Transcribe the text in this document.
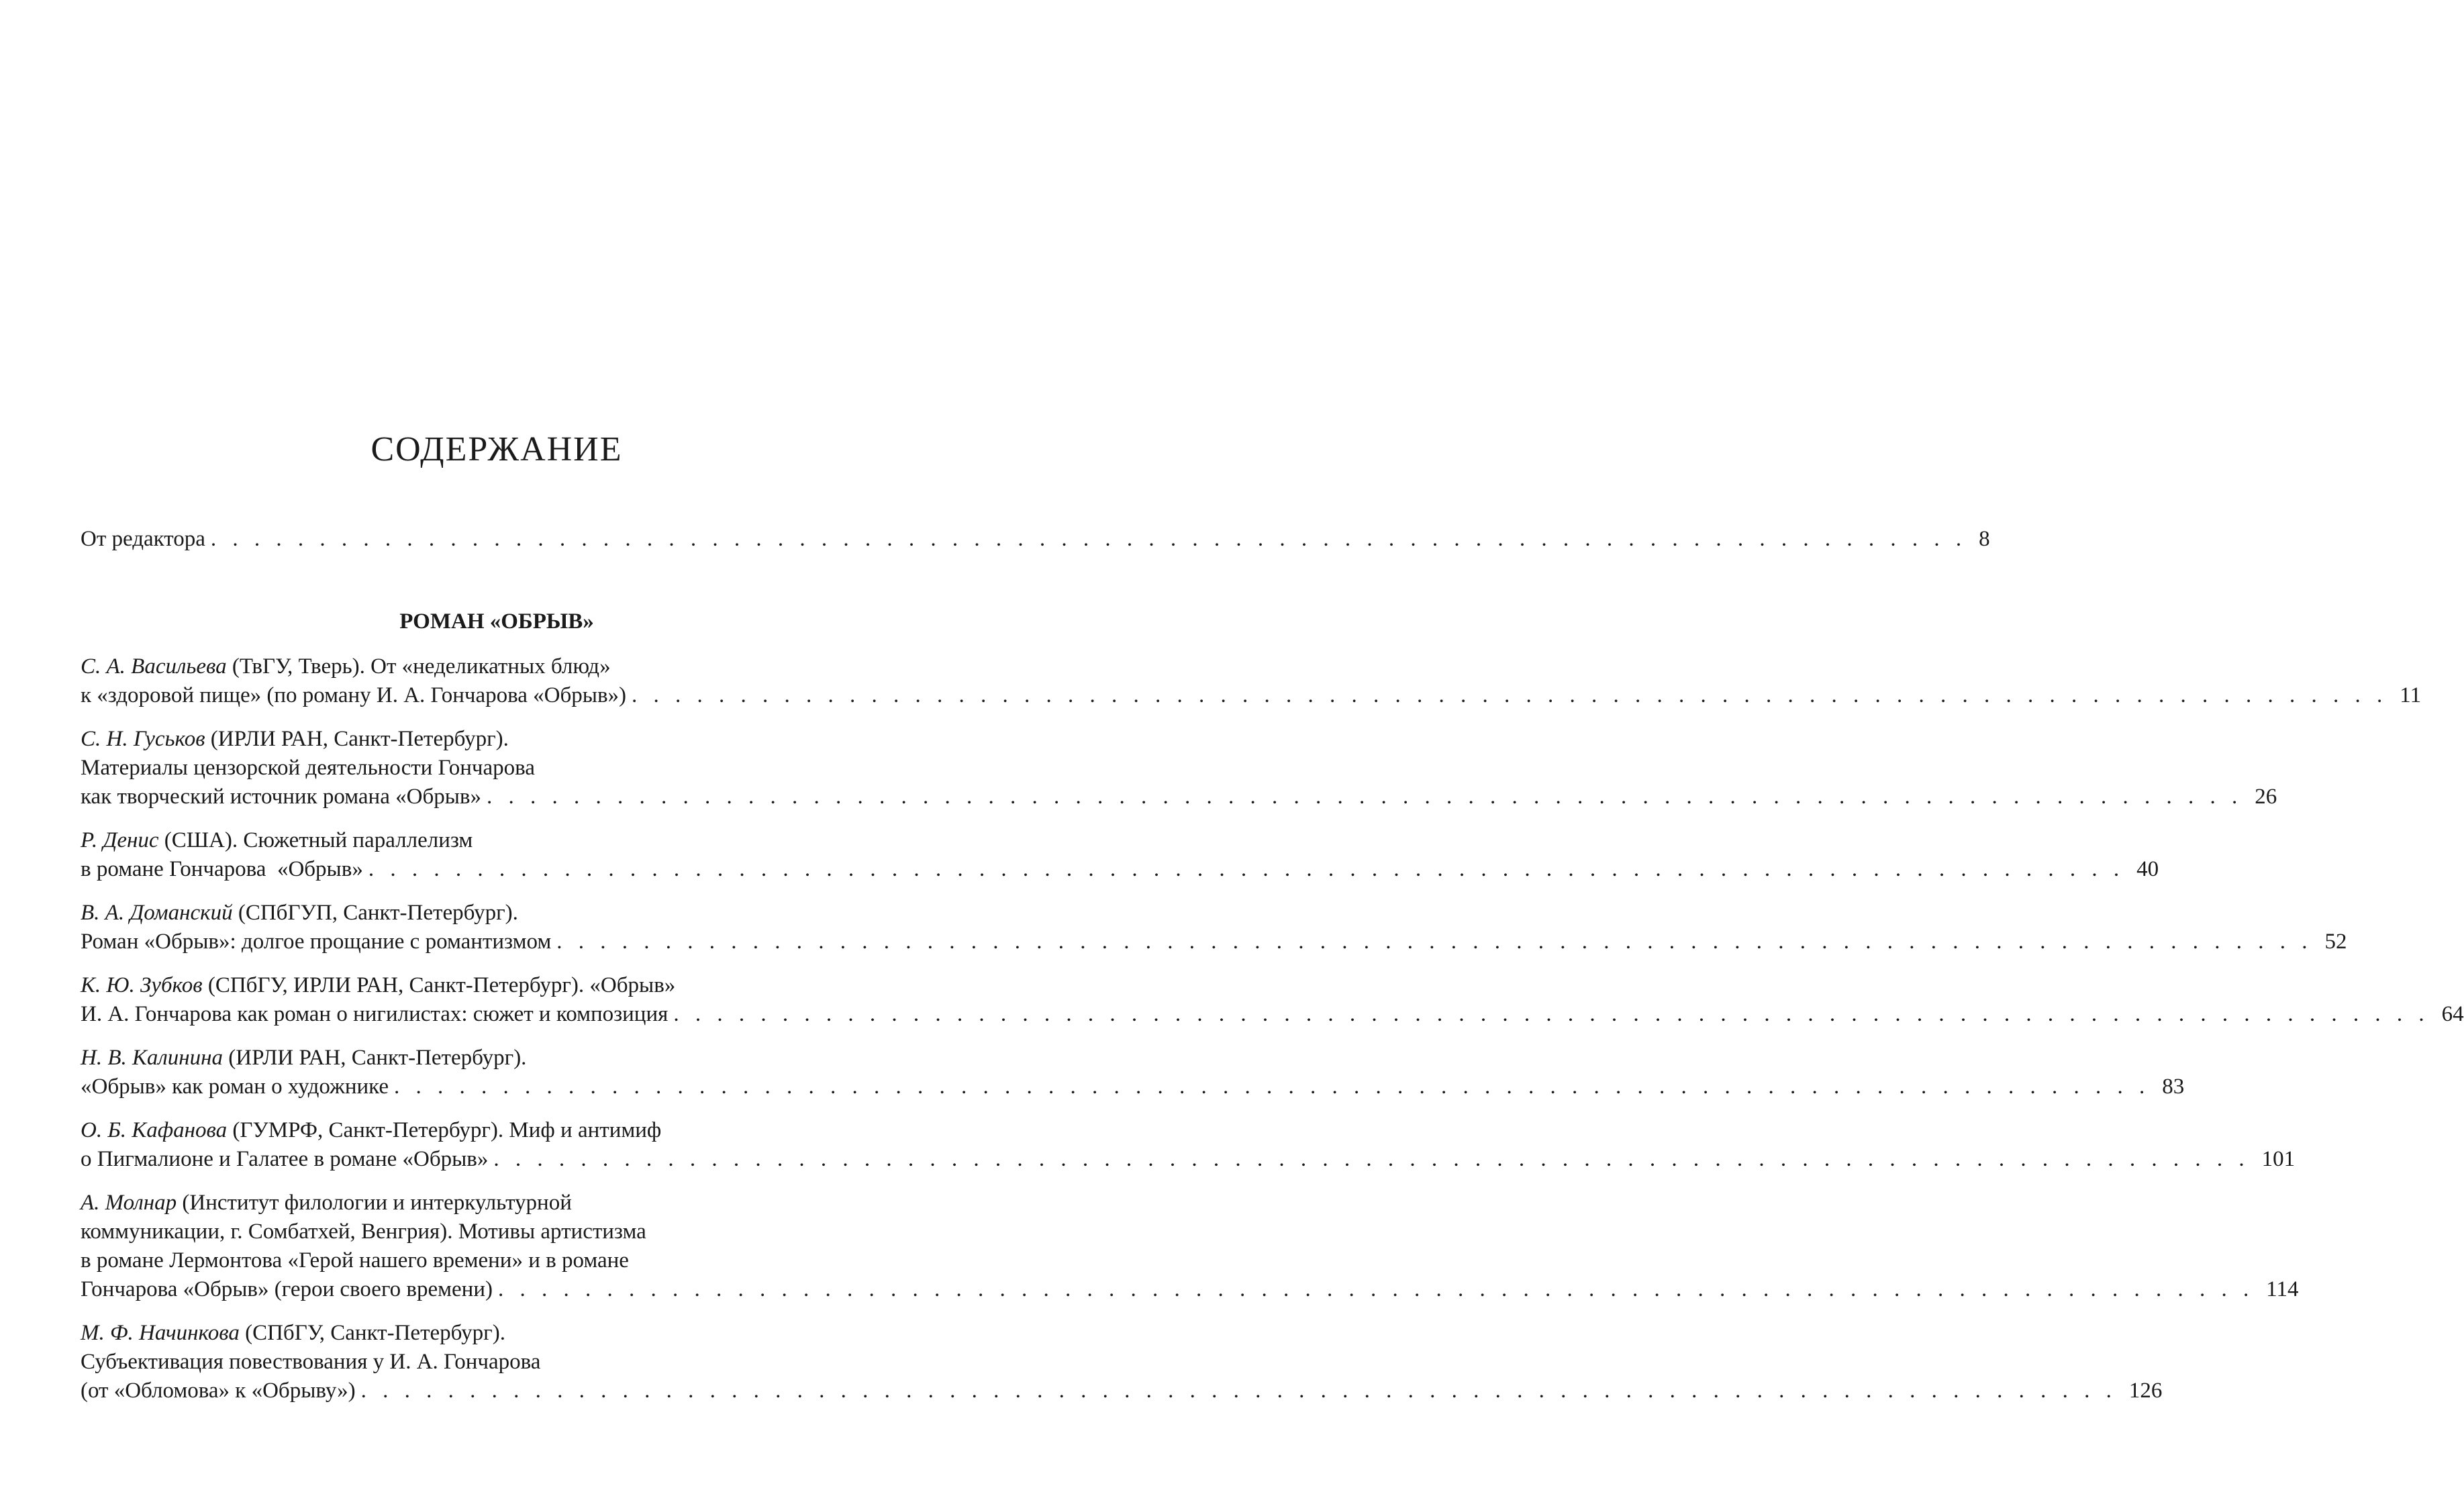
СОДЕРЖАНИЕ
От редактора . . . . . . . . . . . . . . . . . . . . . . . . . . . . . . . . . . . . . . . . . . . . . . . . . . . . . . . . . . . . . . . . . . . . . . . . . . . . . . . . . 8
РОМАН «ОБРЫВ»
С. А. Васильева (ТвГУ, Тверь). От «неделикатных блюд»
к «здоровой пище» (по роману И. А. Гончарова «Обрыв») . . . . . . . . . . . . . . . . . . . . . . . . . . . . . . . . . . . . . . . . . . . . . . . . . . . . . . . . . . . . . . . . . . . . . . . . . . . . . . . . . 11
С. Н. Гуськов (ИРЛИ РАН, Санкт-Петербург).
Материалы цензорской деятельности Гончарова
как творческий источник романа «Обрыв» . . . . . . . . . . . . . . . . . . . . . . . . . . . . . . . . . . . . . . . . . . . . . . . . . . . . . . . . . . . . . . . . . . . . . . . . . . . . . . . . . 26
Р. Денис (США). Сюжетный параллелизм
в романе Гончарова  «Обрыв» . . . . . . . . . . . . . . . . . . . . . . . . . . . . . . . . . . . . . . . . . . . . . . . . . . . . . . . . . . . . . . . . . . . . . . . . . . . . . . . . . 40
В. А. Доманский (СПбГУП, Санкт-Петербург).
Роман «Обрыв»: долгое прощание с романтизмом . . . . . . . . . . . . . . . . . . . . . . . . . . . . . . . . . . . . . . . . . . . . . . . . . . . . . . . . . . . . . . . . . . . . . . . . . . . . . . . . . 52
К. Ю. Зубков (СПбГУ, ИРЛИ РАН, Санкт-Петербург). «Обрыв»
И. А. Гончарова как роман о нигилистах: сюжет и композиция . . . . . . . . . . . . . . . . . . . . . . . . . . . . . . . . . . . . . . . . . . . . . . . . . . . . . . . . . . . . . . . . . . . . . . . . . . . . . . . . . 64
Н. В. Калинина (ИРЛИ РАН, Санкт-Петербург).
«Обрыв» как роман о художнике . . . . . . . . . . . . . . . . . . . . . . . . . . . . . . . . . . . . . . . . . . . . . . . . . . . . . . . . . . . . . . . . . . . . . . . . . . . . . . . . . 83
О. Б. Кафанова (ГУМРФ, Санкт-Петербург). Миф и антимиф
о Пигмалионе и Галатее в романе «Обрыв» . . . . . . . . . . . . . . . . . . . . . . . . . . . . . . . . . . . . . . . . . . . . . . . . . . . . . . . . . . . . . . . . . . . . . . . . . . . . . . . . . 101
А. Молнар (Институт филологии и интеркультурной
коммуникации, г. Сомбатхей, Венгрия). Мотивы артистизма
в романе Лермонтова «Герой нашего времени» и в романе
Гончарова «Обрыв» (герои своего времени) . . . . . . . . . . . . . . . . . . . . . . . . . . . . . . . . . . . . . . . . . . . . . . . . . . . . . . . . . . . . . . . . . . . . . . . . . . . . . . . . . 114
М. Ф. Начинкова (СПбГУ, Санкт-Петербург).
Субъективация повествования у И. А. Гончарова
(от «Обломова» к «Обрыву») . . . . . . . . . . . . . . . . . . . . . . . . . . . . . . . . . . . . . . . . . . . . . . . . . . . . . . . . . . . . . . . . . . . . . . . . . . . . . . . . . 126
